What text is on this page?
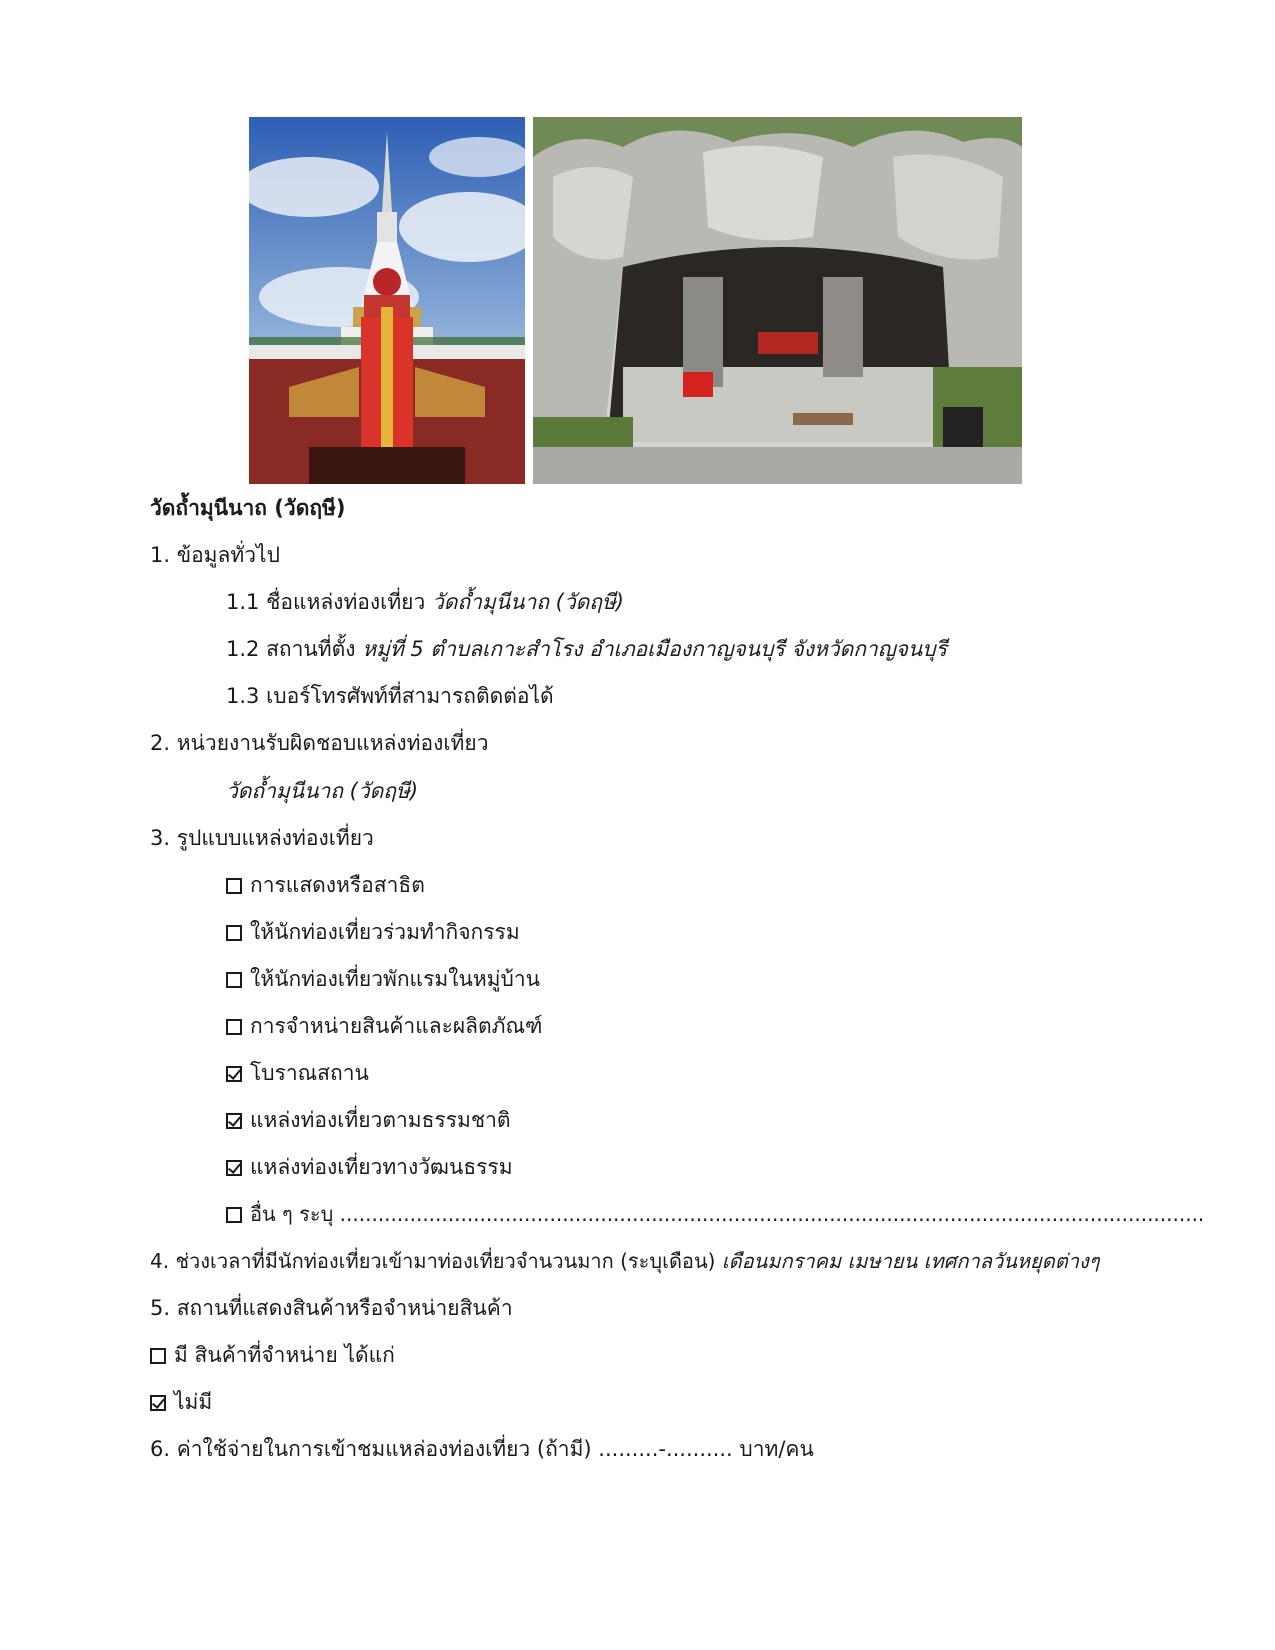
วัดถ้ำมุนีนาถ (วัดฤษี)
1. ข้อมูลทั่วไป
1.1 ชื่อแหล่งท่องเที่ยว วัดถ้ำมุนีนาถ (วัดฤษี)
1.2 สถานที่ตั้ง หมู่ที่ 5 ตำบลเกาะสำโรง อำเภอเมืองกาญจนบุรี จังหวัดกาญจนบุรี
1.3 เบอร์โทรศัพท์ที่สามารถติดต่อได้
2. หน่วยงานรับผิดชอบแหล่งท่องเที่ยว
วัดถ้ำมุนีนาถ (วัดฤษี)
3. รูปแบบแหล่งท่องเที่ยว
การแสดงหรือสาธิต
ให้นักท่องเที่ยวร่วมทำกิจกรรม
ให้นักท่องเที่ยวพักแรมในหมู่บ้าน
การจำหน่ายสินค้าและผลิตภัณฑ์
โบราณสถาน
แหล่งท่องเที่ยวตามธรรมชาติ
แหล่งท่องเที่ยวทางวัฒนธรรม
อื่น ๆ ระบุ ........................................................................................................................................
4. ช่วงเวลาที่มีนักท่องเที่ยวเข้ามาท่องเที่ยวจำนวนมาก (ระบุเดือน) เดือนมกราคม เมษายน เทศกาลวันหยุดต่างๆ
5. สถานที่แสดงสินค้าหรือจำหน่ายสินค้า
มี สินค้าที่จำหน่าย ได้แก่
ไม่มี
6. ค่าใช้จ่ายในการเข้าชมแหล่องท่องเที่ยว (ถ้ามี) .........-.......... บาท/คน
